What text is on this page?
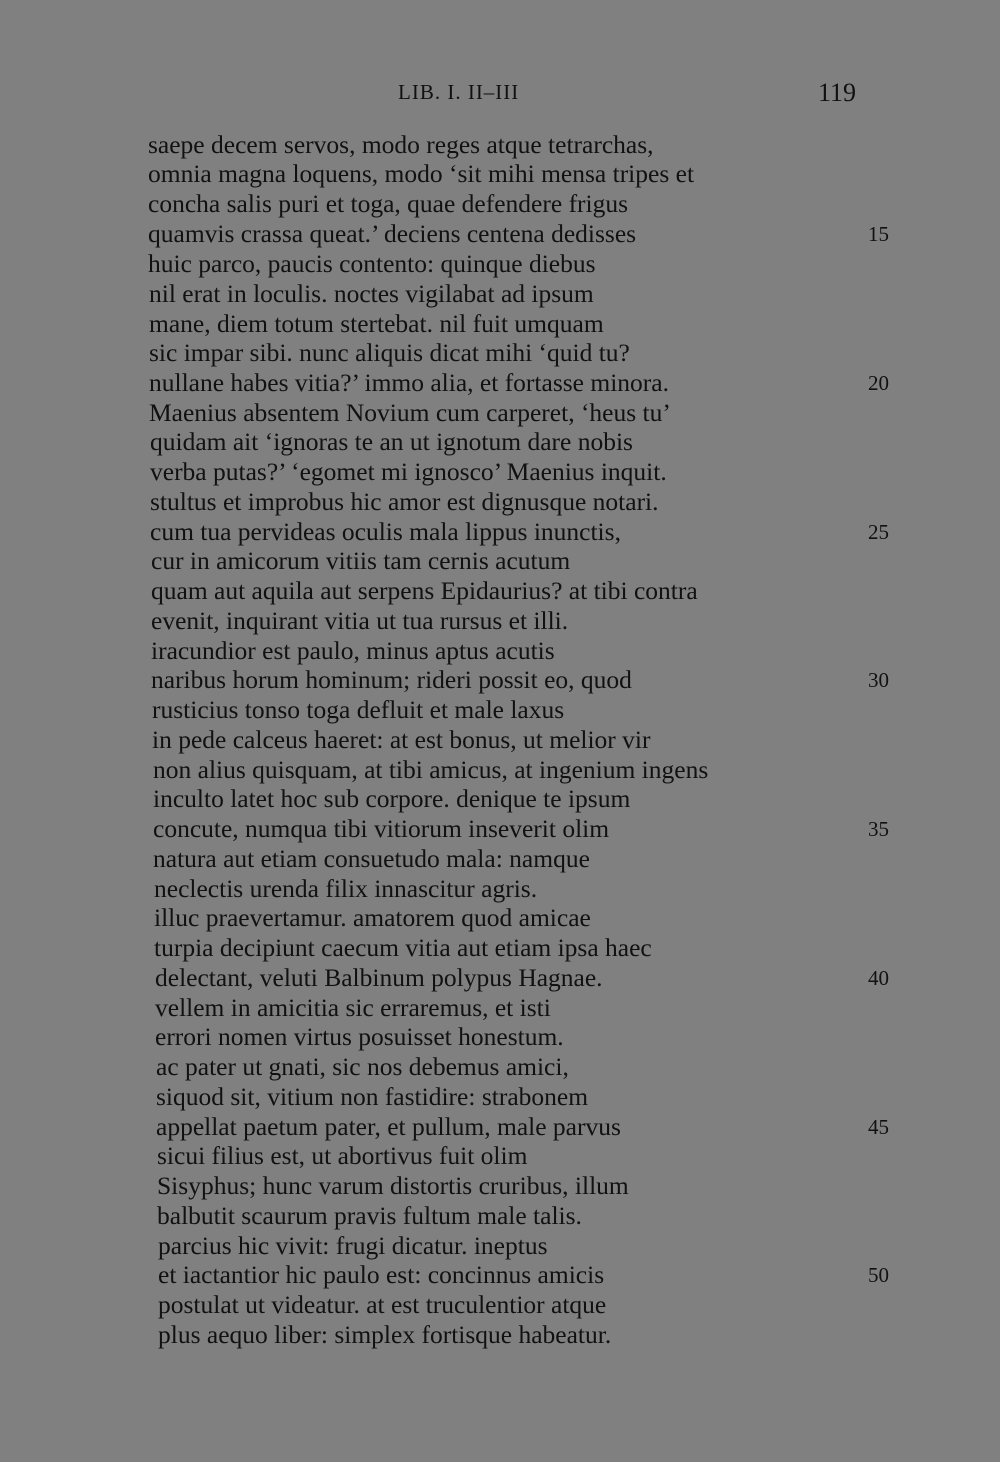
LIB. I. II–III	119
saepe decem servos, modo reges atque tetrarchas,
omnia magna loquens, modo ‘sit mihi mensa tripes et
concha salis puri et toga, quae defendere frigus
quamvis crassa queat.’ deciens centena dedisses
huic parco, paucis contento: quinque diebus
nil erat in loculis. noctes vigilabat ad ipsum
mane, diem totum stertebat. nil fuit umquam
sic impar sibi. nunc aliquis dicat mihi ‘quid tu?
nullane habes vitia?’ immo alia, et fortasse minora.
Maenius absentem Novium cum carperet, ‘heus tu’
quidam ait ‘ignoras te an ut ignotum dare nobis
verba putas?’ ‘egomet mi ignosco’ Maenius inquit.
stultus et improbus hic amor est dignusque notari.
cum tua pervideas oculis mala lippus inunctis,
cur in amicorum vitiis tam cernis acutum
quam aut aquila aut serpens Epidaurius? at tibi contra
evenit, inquirant vitia ut tua rursus et illi.
iracundior est paulo, minus aptus acutis
naribus horum hominum; rideri possit eo, quod
rusticius tonso toga defluit et male laxus
in pede calceus haeret: at est bonus, ut melior vir
non alius quisquam, at tibi amicus, at ingenium ingens
inculto latet hoc sub corpore. denique te ipsum
concute, numqua tibi vitiorum inseverit olim
natura aut etiam consuetudo mala: namque
neclectis urenda filix innascitur agris.
illuc praevertamur. amatorem quod amicae
turpia decipiunt caecum vitia aut etiam ipsa haec
delectant, veluti Balbinum polypus Hagnae.
vellem in amicitia sic erraremus, et isti
errori nomen virtus posuisset honestum.
ac pater ut gnati, sic nos debemus amici,
siquod sit, vitium non fastidire: strabonem
appellat paetum pater, et pullum, male parvus
sicui filius est, ut abortivus fuit olim
Sisyphus; hunc varum distortis cruribus, illum
balbutit scaurum pravis fultum male talis.
parcius hic vivit: frugi dicatur. ineptus
et iactantior hic paulo est: concinnus amicis
postulat ut videatur. at est truculentior atque
plus aequo liber: simplex fortisque habeatur.
15
20
25
30
35
40
45
50
